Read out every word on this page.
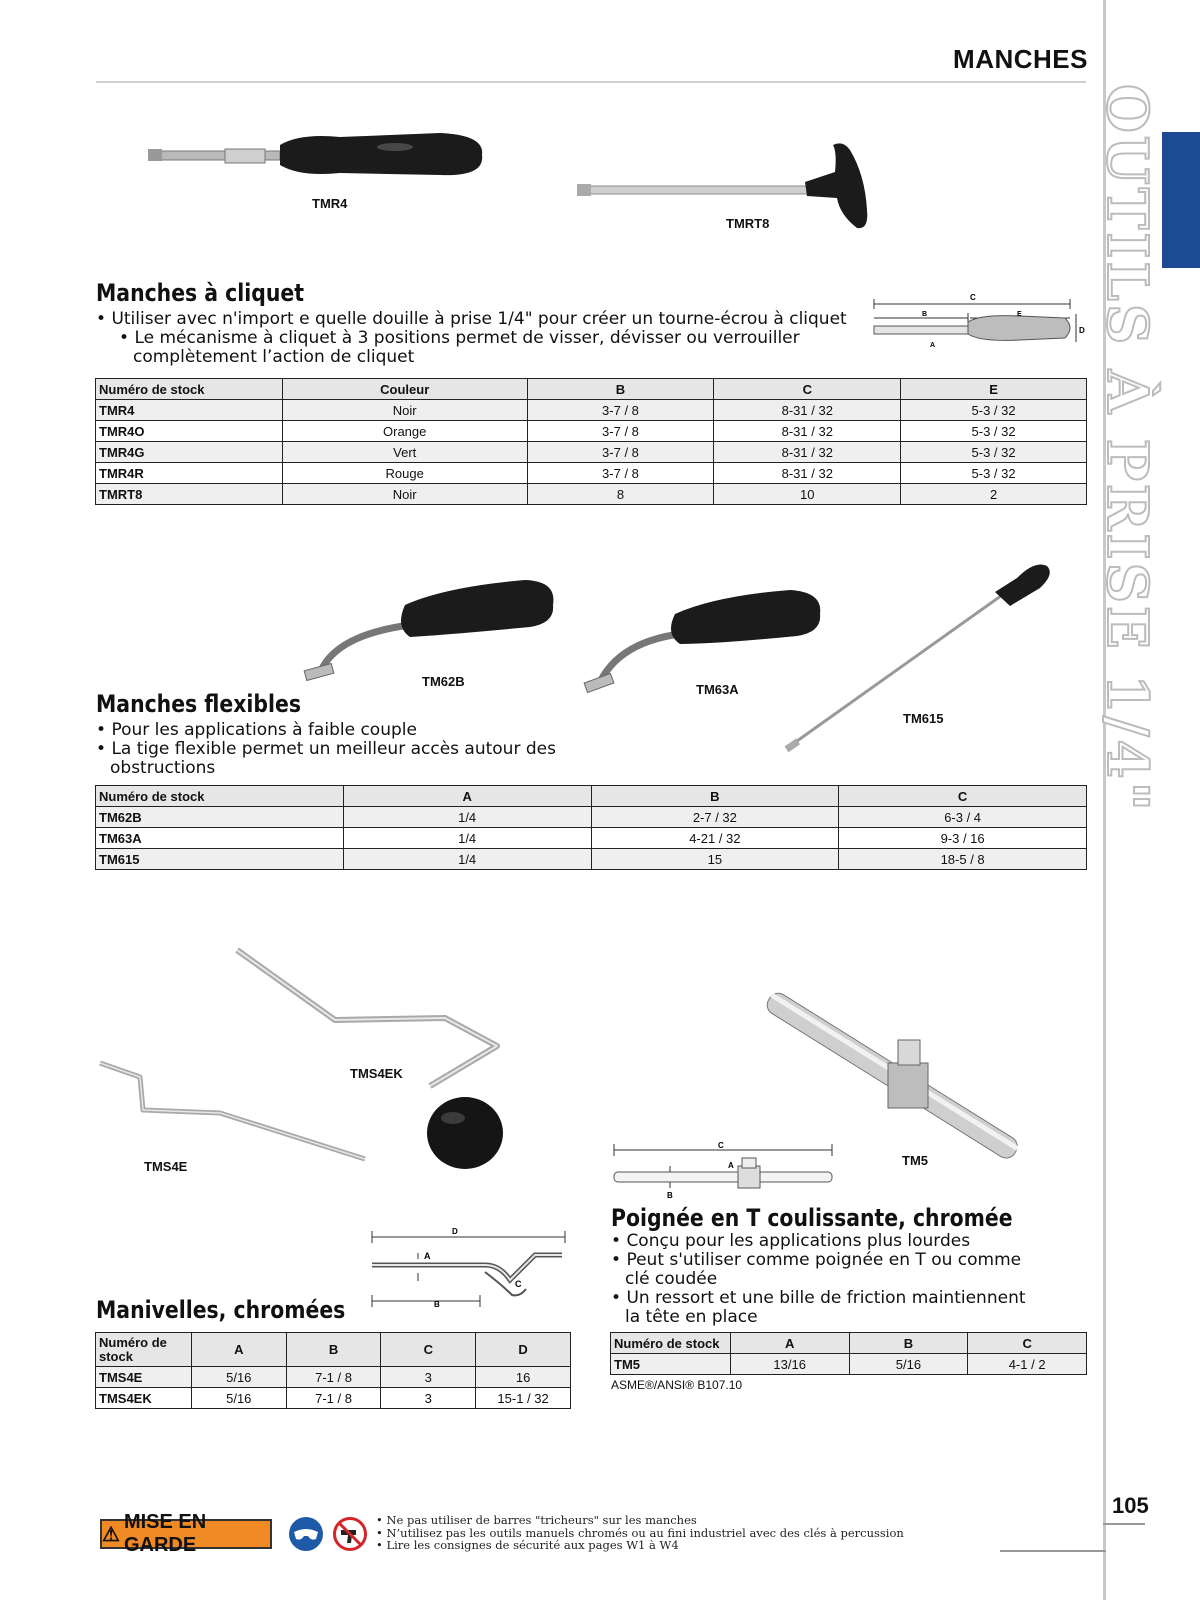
MANCHES
OUTILS À PRISE 1/4"
105
TMR4
TMRT8
C
B	E
A
D
Manches à cliquet
• Utiliser avec n'import e quelle douille à prise 1/4" pour créer un tourne-écrou à cliquet
• Le mécanisme à cliquet à 3 positions permet de visser, dévisser ou verrouiller complètement l’action de cliquet
Numéro de stock	Couleur	B	C	E
TMR4	Noir	3-7 / 8	8-31 / 32	5-3 / 32
TMR4O	Orange	3-7 / 8	8-31 / 32	5-3 / 32
TMR4G	Vert	3-7 / 8	8-31 / 32	5-3 / 32
TMR4R	Rouge	3-7 / 8	8-31 / 32	5-3 / 32
TMRT8	Noir	8	10	2
TM62B
TM63A
TM615
Manches flexibles
• Pour les applications à faible couple
• La tige flexible permet un meilleur accès autour des obstructions
Numéro de stock	A	B	C
TM62B	1/4	2-7 / 32	6-3 / 4
TM63A	1/4	4-21 / 32	9-3 / 16
TM615	1/4	15	18-5 / 8
TMS4EK
TMS4E
D
A
C
B
Manivelles, chromées
Numéro de stock	A	B	C	D
TMS4E	5/16	7-1 / 8	3	16
TMS4EK	5/16	7-1 / 8	3	15-1 / 32
TM5
C
A
B
Poignée en T coulissante, chromée
• Conçu pour les applications plus lourdes
• Peut s'utiliser comme poignée en T ou comme clé coudée
• Un ressort et une bille de friction maintiennent la tête en place
Numéro de stock	A	B	C
TM5	13/16	5/16	4-1 / 2
ASME®/ANSI® B107.10
⚠
MISE EN GARDE
• Ne pas utiliser de barres "tricheurs" sur les manches
• N’utilisez pas les outils manuels chromés ou au fini industriel avec des clés à percussion
• Lire les consignes de sécurité aux pages W1 à W4
